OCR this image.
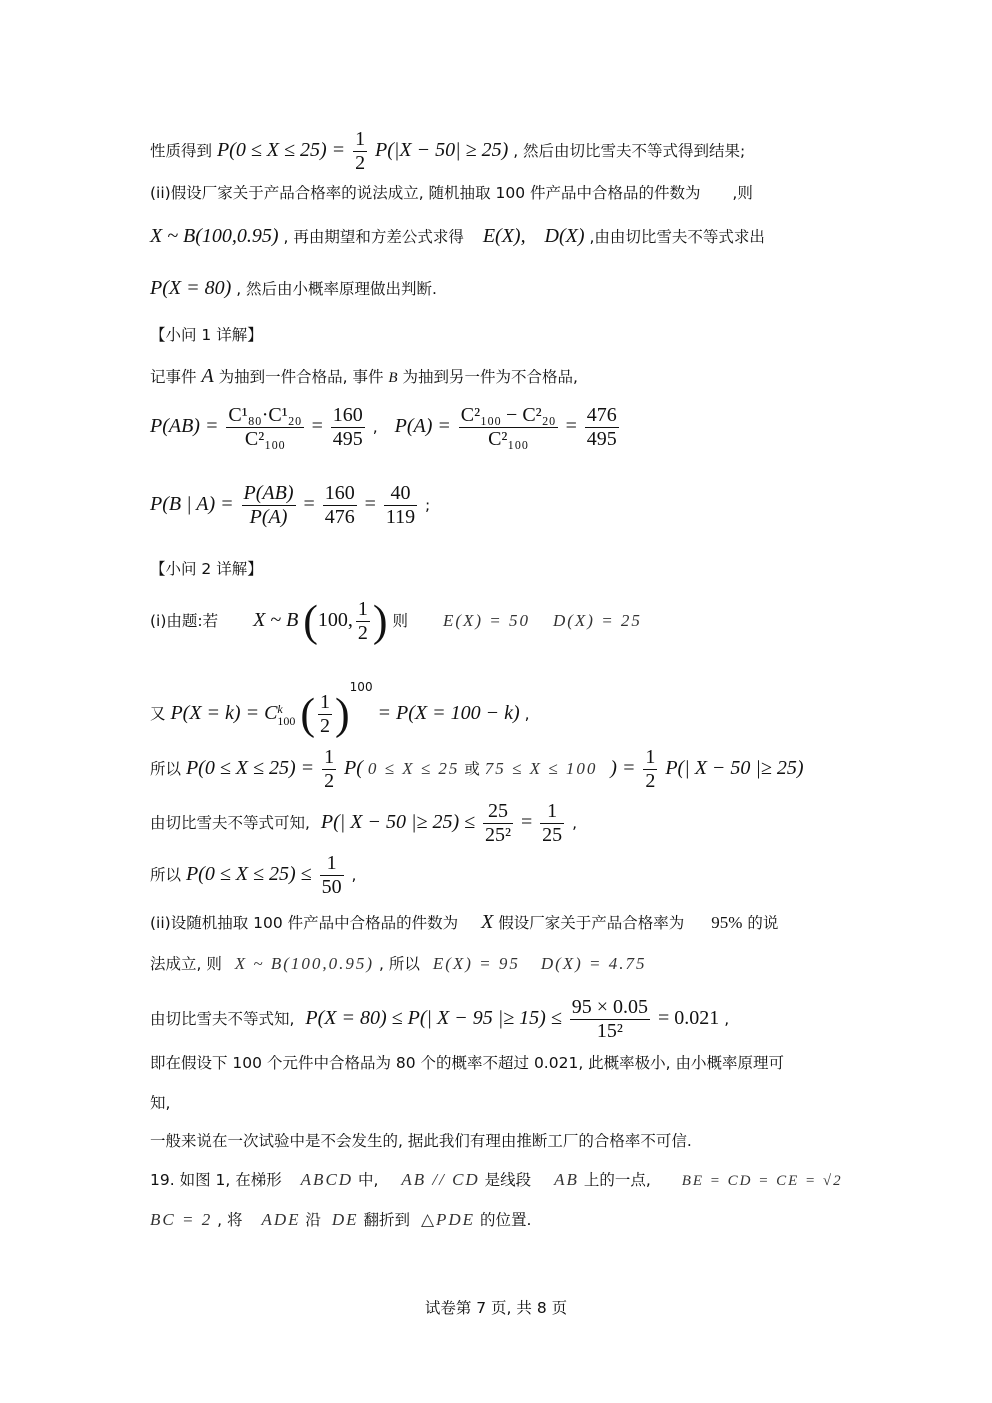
性质得到 $P(0 \le X \le 25) = \frac{1}{2} P(|X - 50| \ge 25)$ , 然后由切比雪夫不等式得到结果;
(ii)假设厂家关于产品合格率的说法成立, 随机抽取 100 件产品中合格品的件数为 ,则
X ~ B(100,0.95) , 再由期望和方差公式求得 E(X), D(X) ,由由切比雪夫不等式求出
P(X = 80) , 然后由小概率原理做出判断.
【小问 1 详解】
记事件 A 为抽到一件合格品, 事件 B 为抽到另一件为不合格品,
$P(AB) = \frac{\text{C¹₈₀·C¹₂₀}}{\text{C²₁₀₀}} = \frac{160}{495}$ , $P(A) = \frac{\text{C²₁₀₀ − C²₂₀}}{\text{C²₁₀₀}} = \frac{476}{495}$
P(B | $A) = \frac{P(AB)}{P(A)} = \frac{160}{476} = \frac{40}{119}$ ;
【小问 2 详解】
(i)由题:若 X ~ B (100, $\frac{1}{2}$ ) 则 E(X) = 50 D(X) = 25
又 P(X = k) = Ck
100 ( $\frac{1}{2} )^{100} = P(X = 100 - k)$ ,
所以 $P(0 \le X \le 25) = \frac{1}{2} P$( 0 ≤ X ≤ 25 或 75 ≤ X ≤ 100 ) = $\frac{1}{2} P(|$ X − 50 |≥ 25)
由切比雪夫不等式可知, P(| X − 50 |≥ $25) \le \frac{25}{\text{25²}} = \frac{1}{25}$ ,
所以 $P(0 \le X \le 25) \le \frac{1}{50}$ ,
(ii)设随机抽取 100 件产品中合格品的件数为 X 假设厂家关于产品合格率为 95% 的说
法成立, 则 X ~ B(100,0.95) , 所以 E(X) = 95 D(X) = 4.75
由切比雪夫不等式知, P(X = 80) ≤ P(| X − 95 |≥ $15) \le \frac{95 \times 0.05}{\text{15²}} = 0.021$ ,
即在假设下 100 个元件中合格品为 80 个的概率不超过 0.021, 此概率极小, 由小概率原理可
知,
一般来说在一次试验中是不会发生的, 据此我们有理由推断工厂的合格率不可信.
19. 如图 1, 在梯形 ABCD 中, AB // CD 是线段 AB 上的一点, BE = CD = CE = √2
BC = 2 , 将 ADE 沿 DE 翻折到 △PDE 的位置.
试卷第 7 页, 共 8 页
